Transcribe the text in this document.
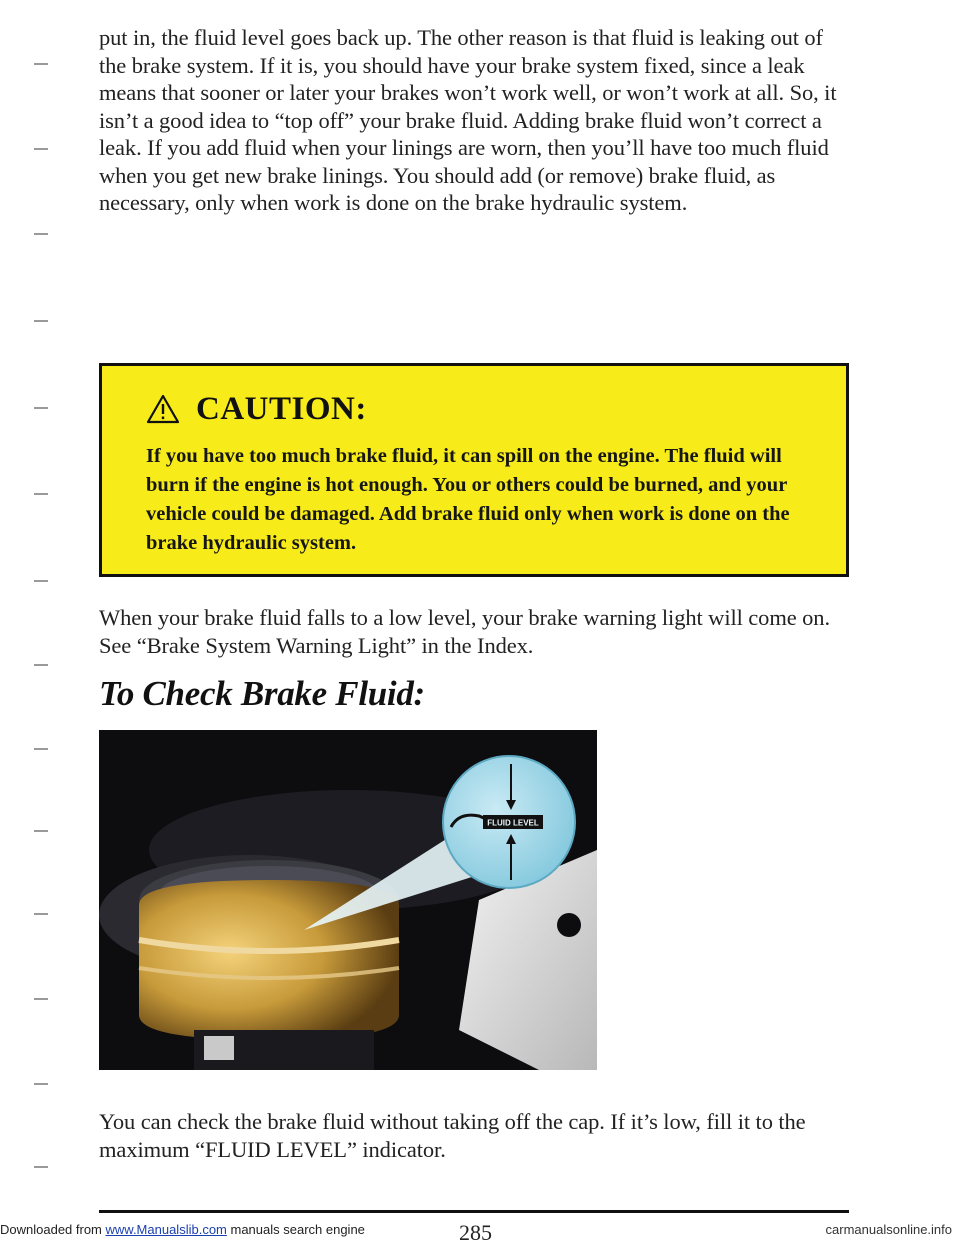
put in, the fluid level goes back up. The other reason is that fluid is leaking out of the brake system. If it is, you should have your brake system fixed, since a leak means that sooner or later your brakes won’t work well, or won’t work at all. So, it isn’t a good idea to “top off” your brake fluid. Adding brake fluid won’t correct a leak. If you add fluid when your linings are worn, then you’ll have too much fluid when you get new brake linings. You should add (or remove) brake fluid, as necessary, only when work is done on the brake hydraulic system.

CAUTION:

If you have too much brake fluid, it can spill on the engine. The fluid will burn if the engine is hot enough. You or others could be burned, and your vehicle could be damaged. Add brake fluid only when work is done on the brake hydraulic system.

When your brake fluid falls to a low level, your brake warning light will come on. See “Brake System Warning Light” in the Index.

To Check Brake Fluid:
FLUID LEVEL

You can check the brake fluid without taking off the cap. If it’s low, fill it to the maximum “FLUID LEVEL” indicator.

Downloaded from www.Manualslib.com manuals search engine	285	carmanualsonline.info
